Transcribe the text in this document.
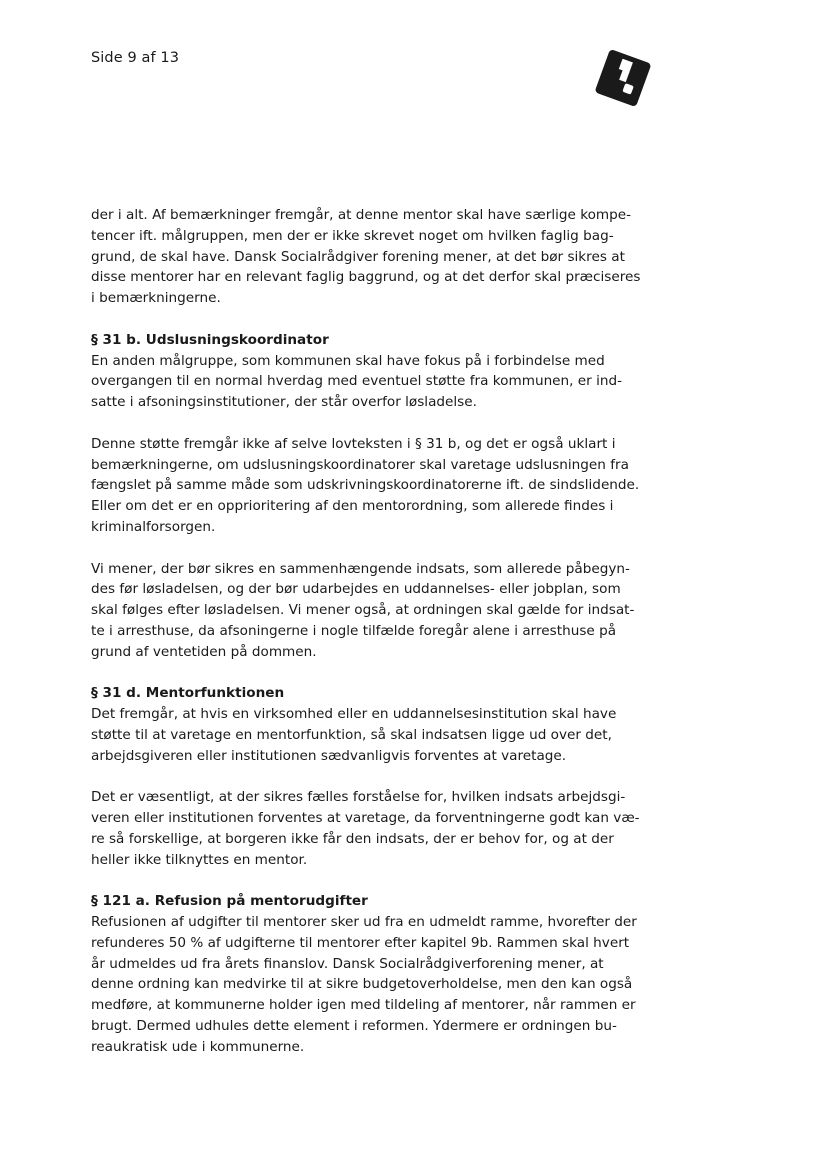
Side 9 af 13
der i alt. Af bemærkninger fremgår, at denne mentor skal have særlige kompe-
tencer ift. målgruppen, men der er ikke skrevet noget om hvilken faglig bag-
grund, de skal have. Dansk Socialrådgiver forening mener, at det bør sikres at
disse mentorer har en relevant faglig baggrund, og at det derfor skal præciseres
i bemærkningerne.
§ 31 b. Udslusningskoordinator
En anden målgruppe, som kommunen skal have fokus på i forbindelse med
overgangen til en normal hverdag med eventuel støtte fra kommunen, er ind-
satte i afsoningsinstitutioner, der står overfor løsladelse.
Denne støtte fremgår ikke af selve lovteksten i § 31 b, og det er også uklart i
bemærkningerne, om udslusningskoordinatorer skal varetage udslusningen fra
fængslet på samme måde som udskrivningskoordinatorerne ift. de sindslidende.
Eller om det er en opprioritering af den mentorordning, som allerede findes i
kriminalforsorgen.
Vi mener, der bør sikres en sammenhængende indsats, som allerede påbegyn-
des før løsladelsen, og der bør udarbejdes en uddannelses- eller jobplan, som
skal følges efter løsladelsen. Vi mener også, at ordningen skal gælde for indsat-
te i arresthuse, da afsoningerne i nogle tilfælde foregår alene i arresthuse på
grund af ventetiden på dommen.
§ 31 d. Mentorfunktionen
Det fremgår, at hvis en virksomhed eller en uddannelsesinstitution skal have
støtte til at varetage en mentorfunktion, så skal indsatsen ligge ud over det,
arbejdsgiveren eller institutionen sædvanligvis forventes at varetage.
Det er væsentligt, at der sikres fælles forståelse for, hvilken indsats arbejdsgi-
veren eller institutionen forventes at varetage, da forventningerne godt kan væ-
re så forskellige, at borgeren ikke får den indsats, der er behov for, og at der
heller ikke tilknyttes en mentor.
§ 121 a. Refusion på mentorudgifter
Refusionen af udgifter til mentorer sker ud fra en udmeldt ramme, hvorefter der
refunderes 50 % af udgifterne til mentorer efter kapitel 9b. Rammen skal hvert
år udmeldes ud fra årets finanslov. Dansk Socialrådgiverforening mener, at
denne ordning kan medvirke til at sikre budgetoverholdelse, men den kan også
medføre, at kommunerne holder igen med tildeling af mentorer, når rammen er
brugt. Dermed udhules dette element i reformen. Ydermere er ordningen bu-
reaukratisk ude i kommunerne.
